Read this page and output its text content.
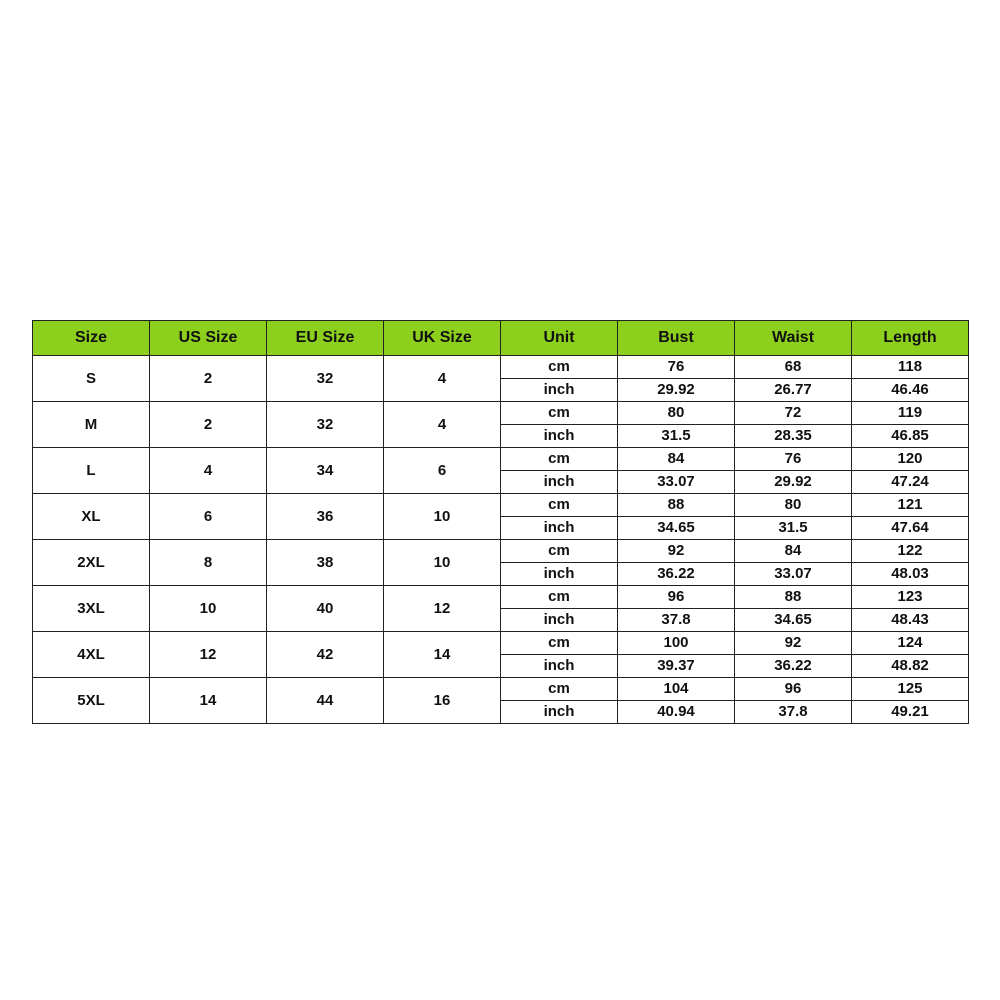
Size	US Size	EU Size	UK Size	Unit	Bust	Waist	Length
S	2	32	4	cm	76	68	118
				inch	29.92	26.77	46.46
M	2	32	4	cm	80	72	119
				inch	31.5	28.35	46.85
L	4	34	6	cm	84	76	120
				inch	33.07	29.92	47.24
XL	6	36	10	cm	88	80	121
				inch	34.65	31.5	47.64
2XL	8	38	10	cm	92	84	122
				inch	36.22	33.07	48.03
3XL	10	40	12	cm	96	88	123
				inch	37.8	34.65	48.43
4XL	12	42	14	cm	100	92	124
				inch	39.37	36.22	48.82
5XL	14	44	16	cm	104	96	125
				inch	40.94	37.8	49.21
